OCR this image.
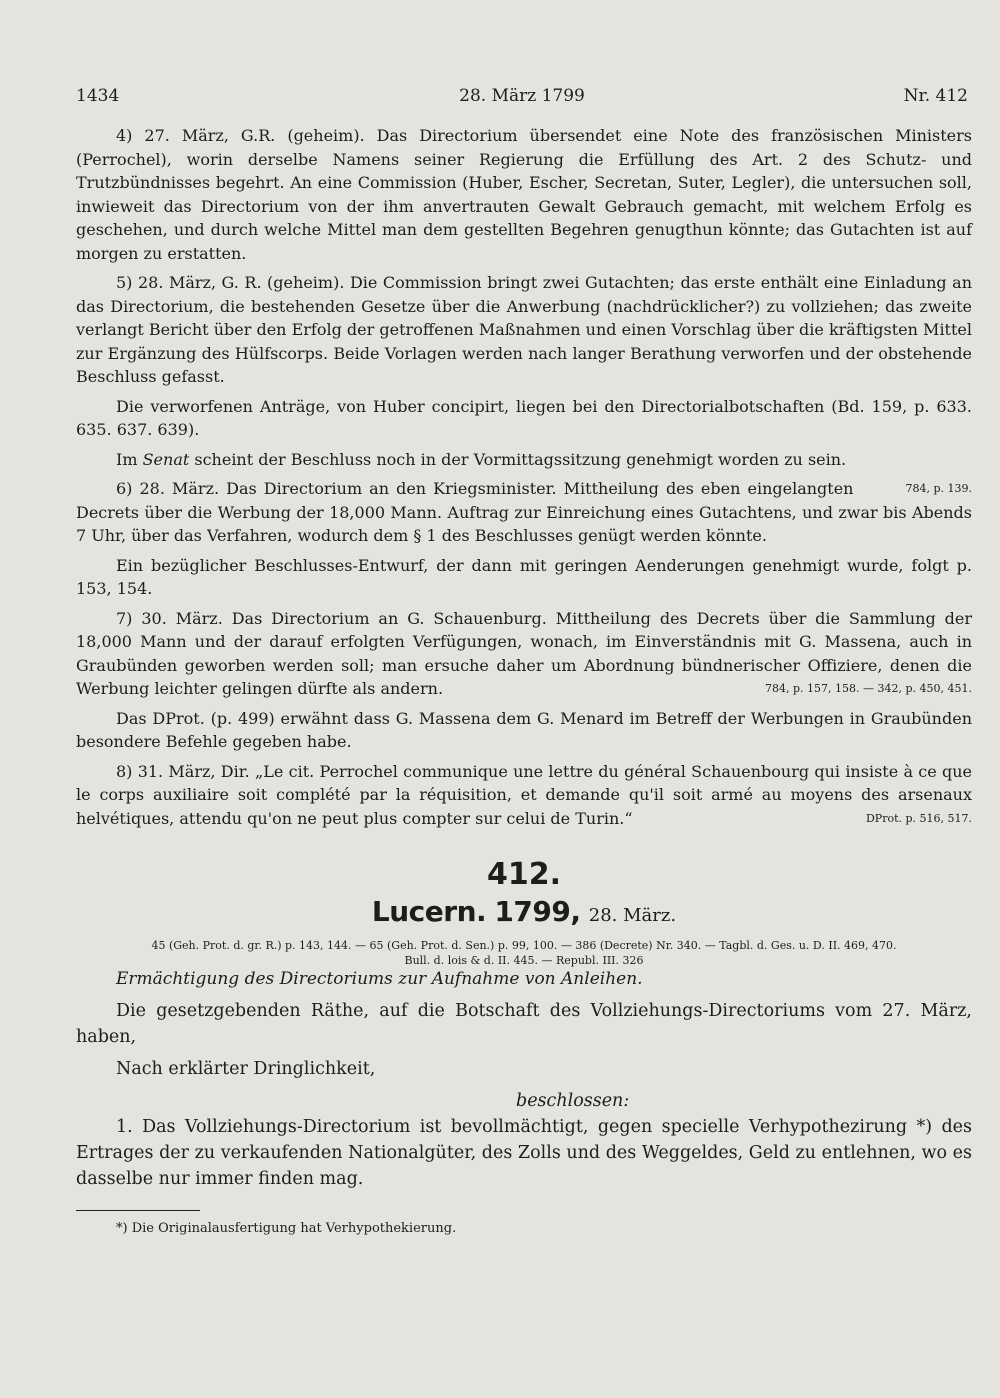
1434	28. März 1799	Nr. 412

4) 27. März, G.R. (geheim). Das Directorium übersendet eine Note des französischen Ministers (Perrochel), worin derselbe Namens seiner Regierung die Erfüllung des Art. 2 des Schutz- und Trutzbündnisses begehrt. An eine Commission (Huber, Escher, Secretan, Suter, Legler), die untersuchen soll, inwieweit das Directorium von der ihm anvertrauten Gewalt Gebrauch gemacht, mit welchem Erfolg es geschehen, und durch welche Mittel man dem gestellten Begehren genugthun könnte; das Gutachten ist auf morgen zu erstatten.

5) 28. März, G. R. (geheim). Die Commission bringt zwei Gutachten; das erste enthält eine Einladung an das Directorium, die bestehenden Gesetze über die Anwerbung (nachdrücklicher?) zu vollziehen; das zweite verlangt Bericht über den Erfolg der getroffenen Maßnahmen und einen Vorschlag über die kräftigsten Mittel zur Ergänzung des Hülfscorps. Beide Vorlagen werden nach langer Berathung verworfen und der obstehende Beschluss gefasst.

Die verworfenen Anträge, von Huber concipirt, liegen bei den Directorialbotschaften (Bd. 159, p. 633. 635. 637. 639).

Im Senat scheint der Beschluss noch in der Vormittagssitzung genehmigt worden zu sein.

784, p. 139.
6) 28. März. Das Directorium an den Kriegsminister. Mittheilung des eben eingelangten Decrets über die Werbung der 18,000 Mann. Auftrag zur Einreichung eines Gutachtens, und zwar bis Abends 7 Uhr, über das Verfahren, wodurch dem § 1 des Beschlusses genügt werden könnte.

Ein bezüglicher Beschlusses-Entwurf, der dann mit geringen Aenderungen genehmigt wurde, folgt p. 153, 154.

7) 30. März. Das Directorium an G. Schauenburg. Mittheilung des Decrets über die Sammlung der 18,000 Mann und der darauf erfolgten Verfügungen, wonach, im Einverständnis mit G. Massena, auch in Graubünden geworben werden soll; man ersuche daher um Abordnung bündnerischer Offiziere, denen die Werbung leichter gelingen dürfte als andern.	784, p. 157, 158. — 342, p. 450, 451.

Das DProt. (p. 499) erwähnt dass G. Massena dem G. Menard im Betreff der Werbungen in Graubünden besondere Befehle gegeben habe.

8) 31. März, Dir. „Le cit. Perrochel communique une lettre du général Schauenbourg qui insiste à ce que le corps auxiliaire soit complété par la réquisition, et demande qu'il soit armé au moyens des arsenaux helvétiques, attendu qu'on ne peut plus compter sur celui de Turin.“	DProt. p. 516, 517.

412.
Lucern. 1799, 28. März.
45 (Geh. Prot. d. gr. R.) p. 143, 144. — 65 (Geh. Prot. d. Sen.) p. 99, 100. — 386 (Decrete) Nr. 340. — Tagbl. d. Ges. u. D. II. 469, 470.
Bull. d. lois & d. II. 445. — Republ. III. 326

Ermächtigung des Directoriums zur Aufnahme von Anleihen.

Die gesetzgebenden Räthe, auf die Botschaft des Vollziehungs-Directoriums vom 27. März, haben,

Nach erklärter Dringlichkeit,

beschlossen:

1. Das Vollziehungs-Directorium ist bevollmächtigt, gegen specielle Verhypothezirung *) des Ertrages der zu verkaufenden Nationalgüter, des Zolls und des Weggeldes, Geld zu entlehnen, wo es dasselbe nur immer finden mag.

*) Die Originalausfertigung hat Verhypothekierung.
